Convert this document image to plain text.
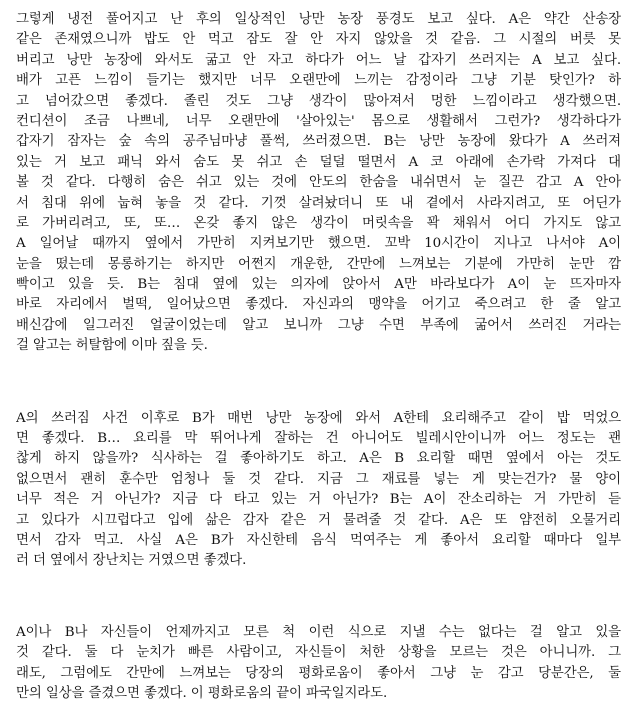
그렇게 냉전 풀어지고 난 후의 일상적인 낭만 농장 풍경도 보고 싶다. A은 약간 산송장
같은 존재였으니까 밥도 안 먹고 잠도 잘 안 자지 않았을 것 같음. 그 시절의 버릇 못
버리고 낭만 농장에 와서도 굶고 안 자고 하다가 어느 날 갑자기 쓰러지는 A 보고 싶다.
배가 고픈 느낌이 들기는 했지만 너무 오랜만에 느끼는 감정이라 그냥 기분 탓인가? 하
고 넘어갔으면 좋겠다. 졸린 것도 그냥 생각이 많아져서 멍한 느낌이라고 생각했으면.
컨디션이 조금 나쁘네, 너무 오랜만에 '살아있는' 몸으로 생활해서 그런가? 생각하다가
갑자기 잠자는 숲 속의 공주님마냥 풀썩, 쓰러졌으면. B는 낭만 농장에 왔다가 A 쓰러져
있는 거 보고 패닉 와서 숨도 못 쉬고 손 덜덜 떨면서 A 코 아래에 손가락 가져다 대
볼 것 같다. 다행히 숨은 쉬고 있는 것에 안도의 한숨을 내쉬면서 눈 질끈 감고 A 안아
서 침대 위에 눕혀 놓을 것 같다. 기껏 살려놨더니 또 내 곁에서 사라지려고, 또 어딘가
로 가버리려고, 또, 또… 온갖 좋지 않은 생각이 머릿속을 꽉 채워서 어디 가지도 않고
A 일어날 때까지 옆에서 가만히 지켜보기만 했으면. 꼬박 10시간이 지나고 나서야 A이
눈을 떴는데 몽롱하기는 하지만 어쩐지 개운한, 간만에 느껴보는 기분에 가만히 눈만 깜
빡이고 있을 듯. B는 침대 옆에 있는 의자에 앉아서 A만 바라보다가 A이 눈 뜨자마자
바로 자리에서 벌떡, 일어났으면 좋겠다. 자신과의 맹약을 어기고 죽으려고 한 줄 알고
배신감에 일그러진 얼굴이었는데 알고 보니까 그냥 수면 부족에 굶어서 쓰러진 거라는
걸 알고는 허탈함에 이마 짚을 듯.
A의 쓰러짐 사건 이후로 B가 매번 낭만 농장에 와서 A한테 요리해주고 같이 밥 먹었으
면 좋겠다. B… 요리를 막 뛰어나게 잘하는 건 아니어도 빌레시안이니까 어느 정도는 괜
찮게 하지 않을까? 식사하는 걸 좋아하기도 하고. A은 B 요리할 때면 옆에서 아는 것도
없으면서 괜히 훈수만 엄청나 둘 것 같다. 지금 그 재료를 넣는 게 맞는건가? 물 양이
너무 적은 거 아닌가? 지금 다 타고 있는 거 아닌가? B는 A이 잔소리하는 거 가만히 듣
고 있다가 시끄럽다고 입에 삶은 감자 같은 거 물려줄 것 같다. A은 또 얌전히 오물거리
면서 감자 먹고. 사실 A은 B가 자신한테 음식 먹여주는 게 좋아서 요리할 때마다 일부
러 더 옆에서 장난치는 거였으면 좋겠다.
A이나 B나 자신들이 언제까지고 모른 척 이런 식으로 지낼 수는 없다는 걸 알고 있을
것 같다. 둘 다 눈치가 빠른 사람이고, 자신들이 처한 상황을 모르는 것은 아니니까. 그
래도, 그럼에도 간만에 느껴보는 당장의 평화로움이 좋아서 그냥 눈 감고 당분간은, 둘
만의 일상을 즐겼으면 좋겠다. 이 평화로움의 끝이 파국일지라도.
